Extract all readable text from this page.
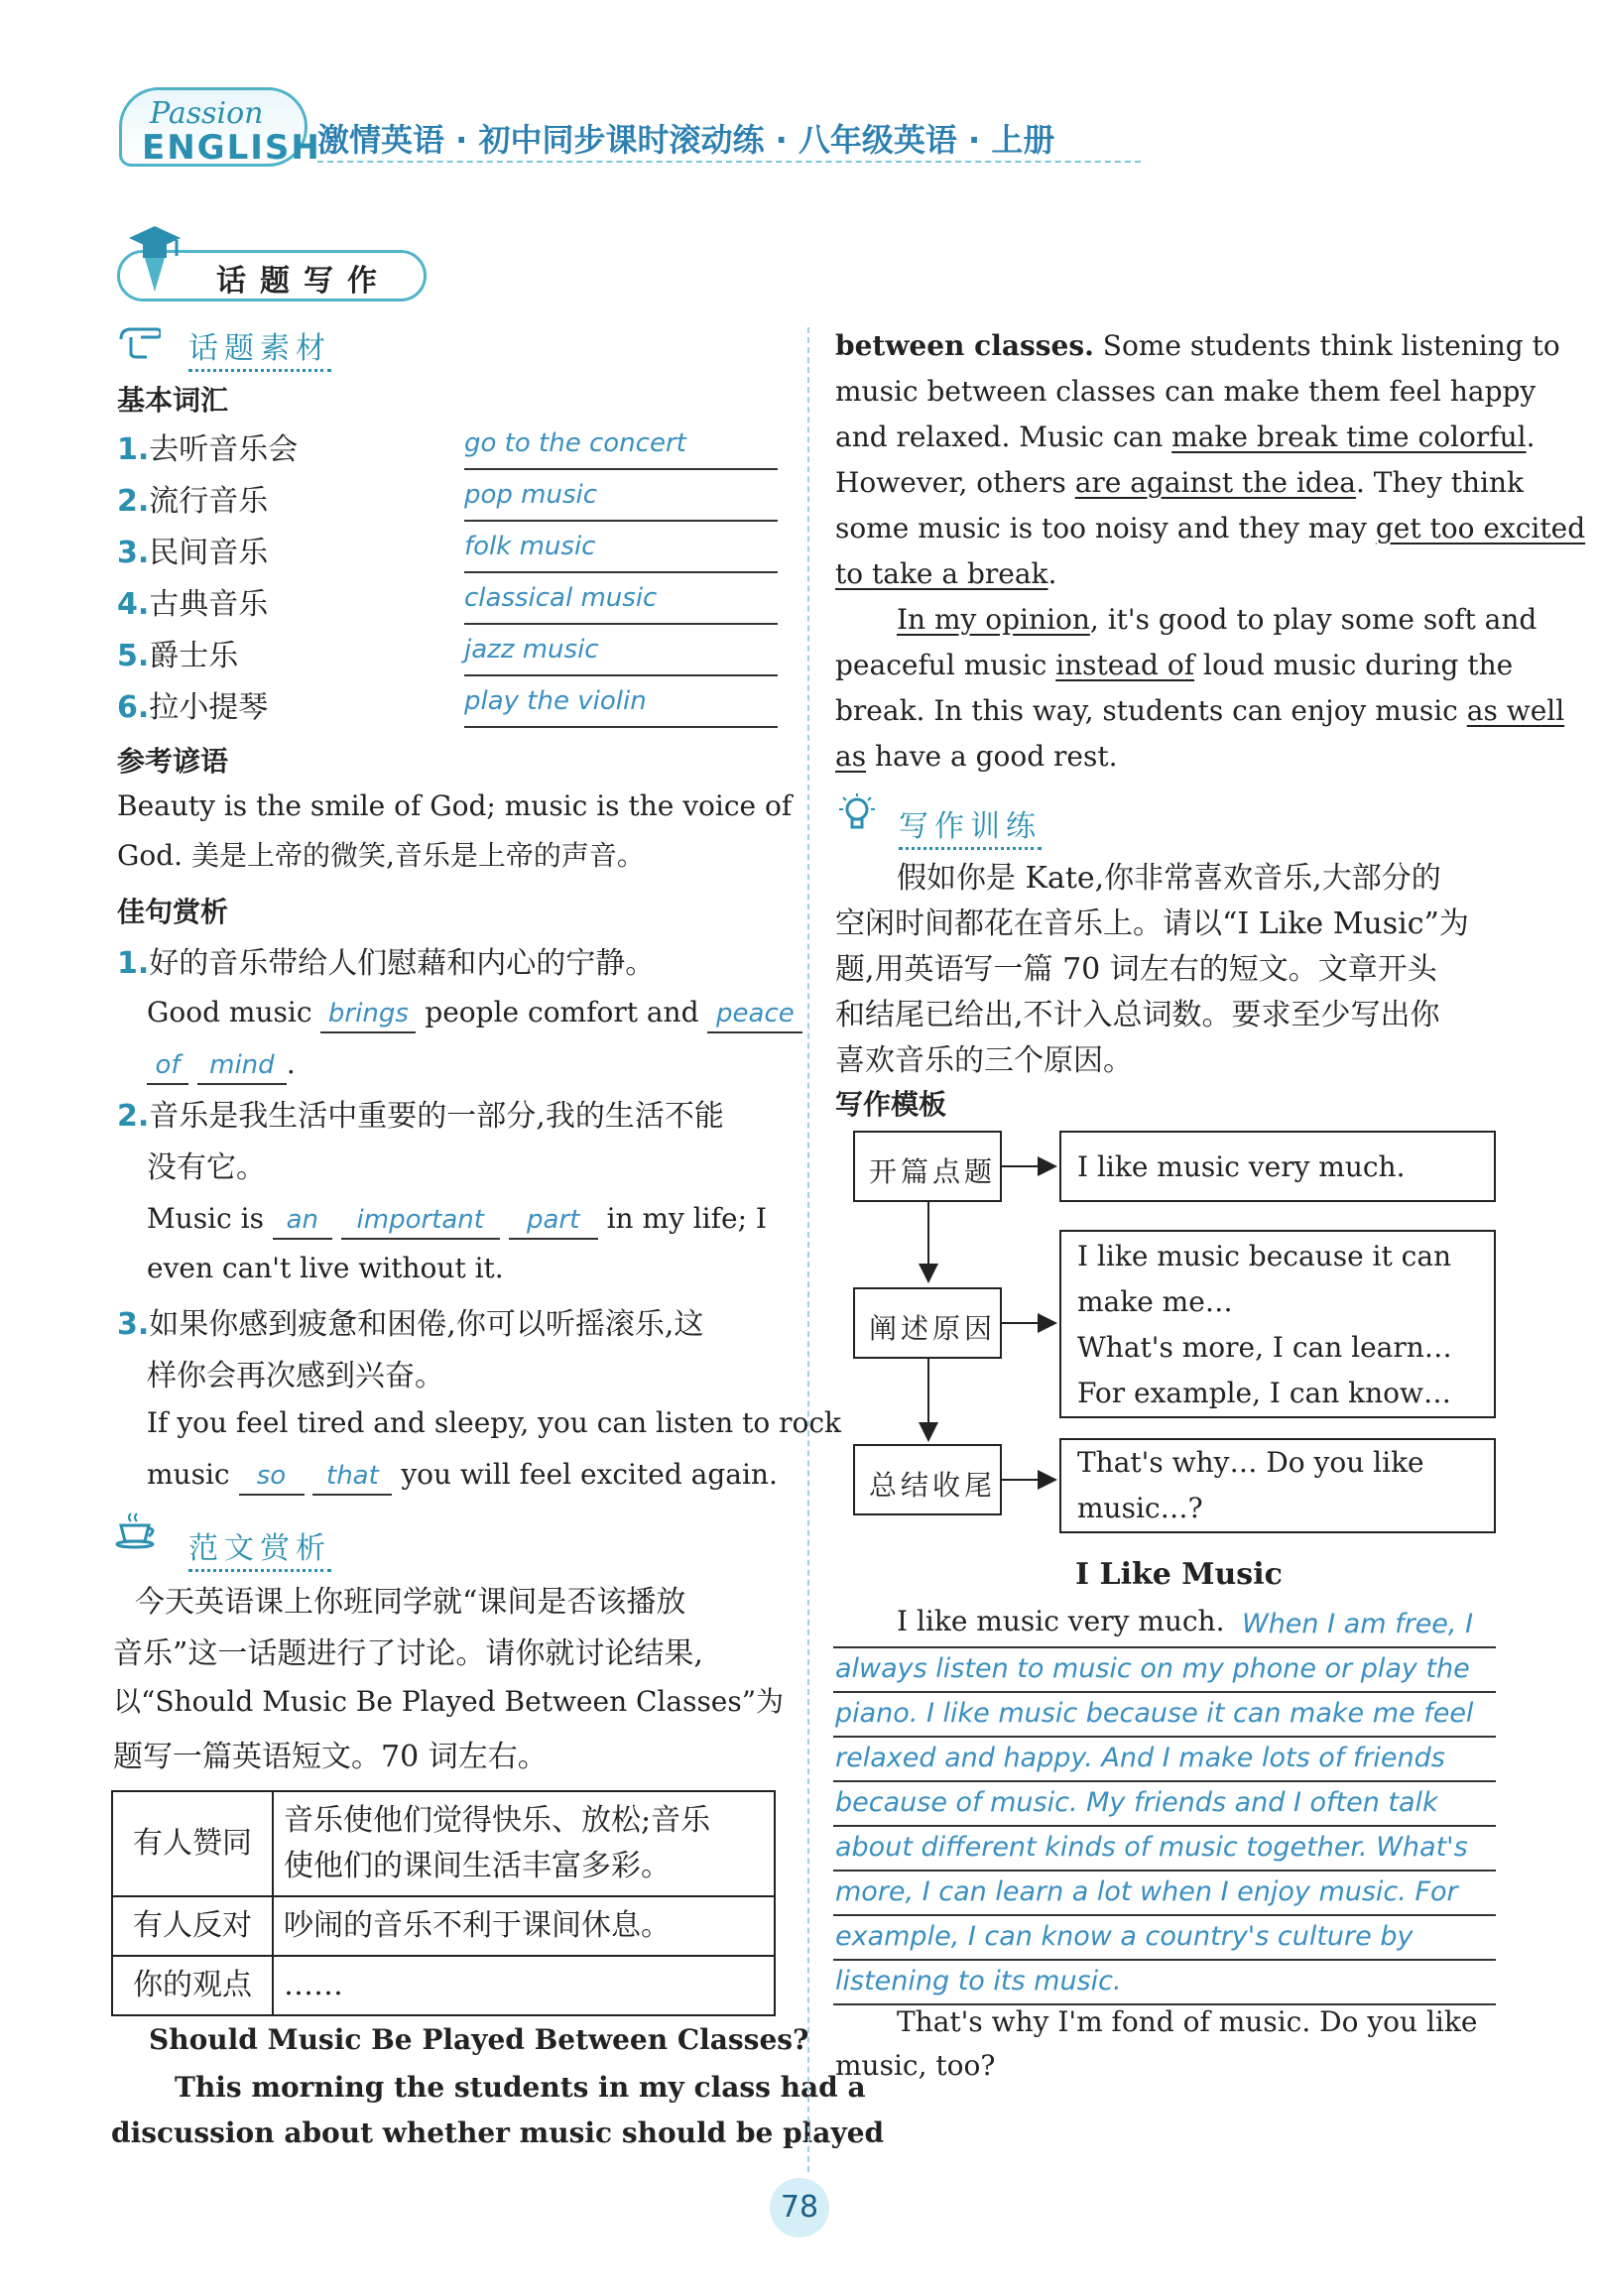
Passion
ENGLISH
激情英语 · 初中同步课时滚动练 · 八年级英语 · 上册
话题写作
话题素材
基本词汇
1.去听音乐会	go to the concert
2.流行音乐	pop music
3.民间音乐	folk music
4.古典音乐	classical music
5.爵士乐	jazz music
6.拉小提琴	play the violin
参考谚语
Beauty is the smile of God; music is the voice of
God. 美是上帝的微笑,音乐是上帝的声音。
佳句赏析
1.好的音乐带给人们慰藉和内心的宁静。
Good music brings people comfort and peace
of mind .
2.音乐是我生活中重要的一部分,我的生活不能
没有它。
Music is an important part in my life; I
even can't live without it.
3.如果你感到疲惫和困倦,你可以听摇滚乐,这
样你会再次感到兴奋。
If you feel tired and sleepy, you can listen to rock
music so that you will feel excited again.
范文赏析
今天英语课上你班同学就“课间是否该播放
音乐”这一话题进行了讨论。请你就讨论结果,
以“Should Music Be Played Between Classes”为
题写一篇英语短文。70 词左右。
有人赞同	音乐使他们觉得快乐、放松;音乐
使他们的课间生活丰富多彩。

有人反对	吵闹的音乐不利于课间休息。
你的观点	……
Should Music Be Played Between Classes?
This morning the students in my class had a
discussion about whether music should be played
between classes. Some students think listening to
music between classes can make them feel happy
and relaxed. Music can make break time colorful.
However, others are against the idea. They think
some music is too noisy and they may get too excited
to take a break.
In my opinion, it's good to play some soft and
peaceful music instead of loud music during the
break. In this way, students can enjoy music as well
as have a good rest.
写作训练
假如你是 Kate,你非常喜欢音乐,大部分的
空闲时间都花在音乐上。请以“I Like Music”为
题,用英语写一篇 70 词左右的短文。文章开头
和结尾已给出,不计入总词数。要求至少写出你
喜欢音乐的三个原因。
写作模板
开篇点题	I like music very much.
阐述原因
I like music because it can
make me…
What's more, I can learn…
For example, I can know…
总结收尾
That's why… Do you like
music…?
I Like Music
I like music very much. When I am free, I
always listen to music on my phone or play the
piano. I like music because it can make me feel
relaxed and happy. And I make lots of friends
because of music. My friends and I often talk
about different kinds of music together. What's
more, I can learn a lot when I enjoy music. For
example, I can know a country's culture by
listening to its music.
That's why I'm fond of music. Do you like
music, too?
78
